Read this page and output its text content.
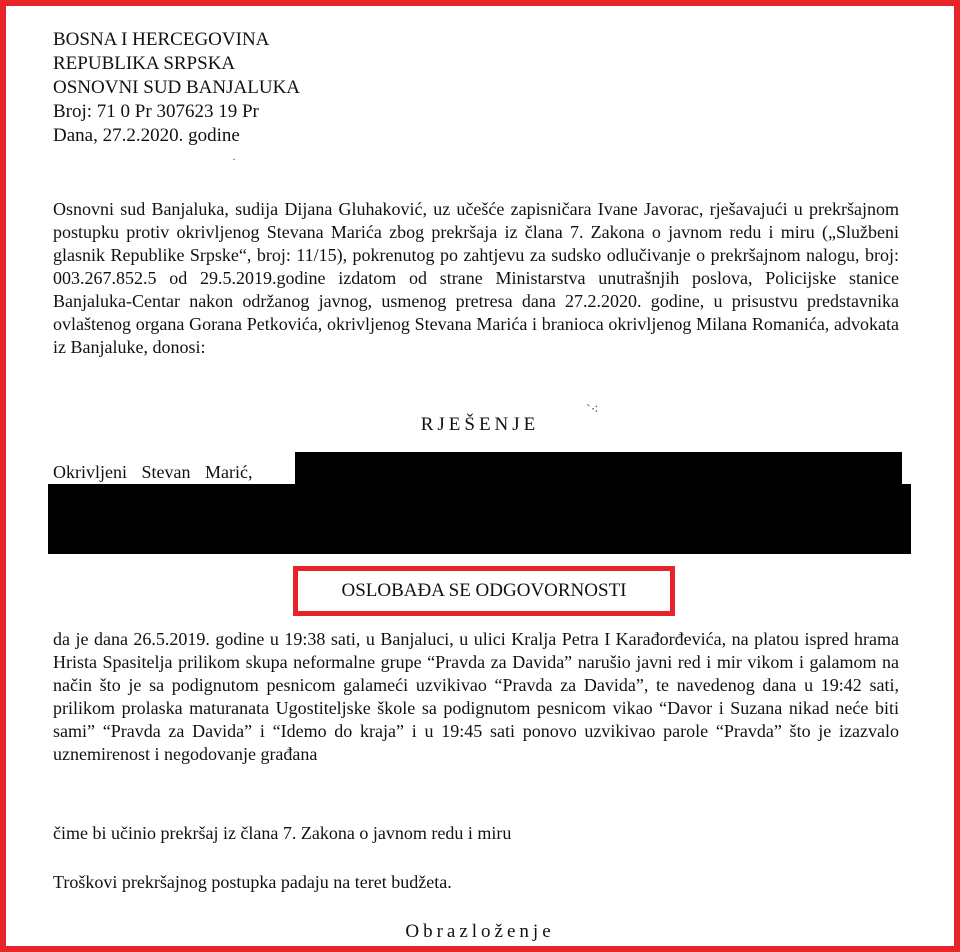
BOSNA I HERCEGOVINA
REPUBLIKA SRPSKA
OSNOVNI SUD BANJALUKA
Broj: 71 0 Pr 307623 19 Pr
Dana, 27.2.2020. godine
·
Osnovni sud Banjaluka, sudija Dijana Gluhaković, uz učešće zapisničara Ivane Javorac, rješavajući u prekršajnom postupku protiv okrivljenog Stevana Marića zbog prekršaja iz člana 7. Zakona o javnom redu i miru („Službeni glasnik Republike Srpske“, broj: 11/15), pokrenutog po zahtjevu za sudsko odlučivanje o prekršajnom nalogu, broj: 003.267.852.5 od 29.5.2019.godine izdatom od strane Ministarstva unutrašnjih poslova, Policijske stanice Banjaluka-Centar nakon održanog javnog, usmenog pretresa dana 27.2.2020. godine, u prisustvu predstavnika ovlaštenog organa Gorana Petkovića, okrivljenog Stevana Marića i branioca okrivljenog Milana Romanića, advokata iz Banjaluke, donosi:
RJEŠENJE
ˋ⁖
Okrivljeni Stevan Marić,
OSLOBAĐA SE ODGOVORNOSTI
da je dana 26.5.2019. godine u 19:38 sati, u Banjaluci, u ulici Kralja Petra I Karađorđevića, na platou ispred hrama Hrista Spasitelja prilikom skupa neformalne grupe “Pravda za Davida” narušio javni red i mir vikom i galamom na način što je sa podignutom pesnicom galameći uzvikivao “Pravda za Davida”, te navedenog dana u 19:42 sati, prilikom prolaska maturanata Ugostiteljske škole sa podignutom pesnicom vikao “Davor i Suzana nikad neće biti sami” “Pravda za Davida” i “Idemo do kraja” i u 19:45 sati ponovo uzvikivao parole “Pravda” što je izazvalo uznemirenost i negodovanje građana
čime bi učinio prekršaj iz člana 7. Zakona o javnom redu i miru
Troškovi prekršajnog postupka padaju na teret budžeta.
Obrazloženje
